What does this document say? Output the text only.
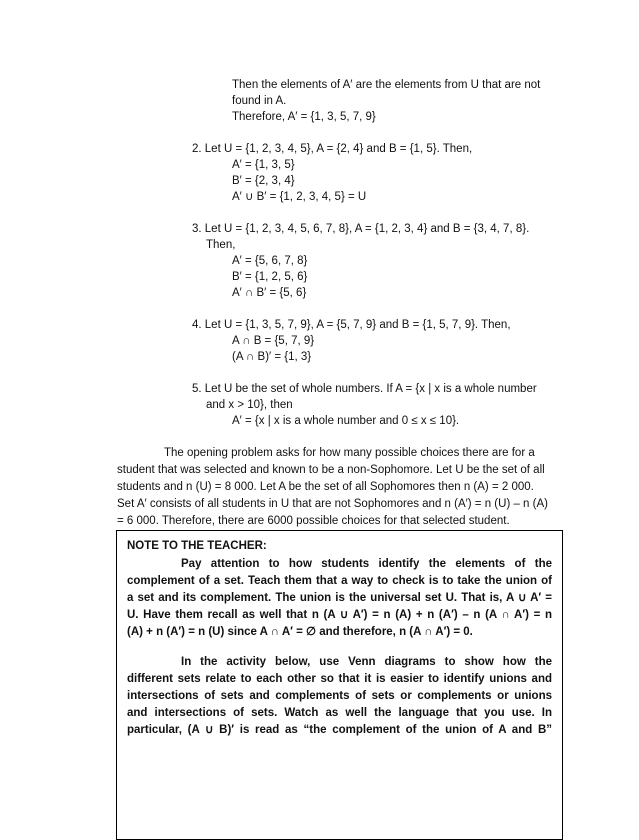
Then the elements of A′ are the elements from U that are not
found in A.
Therefore, A′ = {1, 3, 5, 7, 9}
2. Let U = {1, 2, 3, 4, 5}, A = {2, 4} and B = {1, 5}. Then,
A′ = {1, 3, 5}
B′ = {2, 3, 4}
A′ ∪ B′ = {1, 2, 3, 4, 5} = U
3. Let U = {1, 2, 3, 4, 5, 6, 7, 8}, A = {1, 2, 3, 4} and B = {3, 4, 7, 8}.
Then,
A′ = {5, 6, 7, 8}
B′ = {1, 2, 5, 6}
A′ ∩ B′ = {5, 6}
4. Let U = {1, 3, 5, 7, 9}, A = {5, 7, 9} and B = {1, 5, 7, 9}. Then,
A ∩ B = {5, 7, 9}
(A ∩ B)′ = {1, 3}
5. Let U be the set of whole numbers. If A = {x | x is a whole number
and x > 10}, then
A′ = {x | x is a whole number and 0 ≤ x ≤ 10}.
The opening problem asks for how many possible choices there are for a
student that was selected and known to be a non-Sophomore. Let U be the set of all
students and n (U) = 8 000. Let A be the set of all Sophomores then n (A) = 2 000.
Set A′ consists of all students in U that are not Sophomores and n (A′) = n (U) – n (A)
= 6 000. Therefore, there are 6000 possible choices for that selected student.
NOTE TO THE TEACHER:
Pay attention to how students identify the elements of the
complement of a set. Teach them that a way to check is to take the union of
a set and its complement. The union is the universal set U. That is, A ∪ A′ =
U. Have them recall as well that n (A ∪ A′) = n (A) + n (A′) – n (A ∩ A′) = n
(A) + n (A′) = n (U) since A ∩ A′ = ∅ and therefore, n (A ∩ A′) = 0.
In the activity below, use Venn diagrams to show how the
different sets relate to each other so that it is easier to identify unions and
intersections of sets and complements of sets or complements or unions
and intersections of sets. Watch as well the language that you use. In
particular, (A ∪ B)′ is read as “the complement of the union of A and B”
